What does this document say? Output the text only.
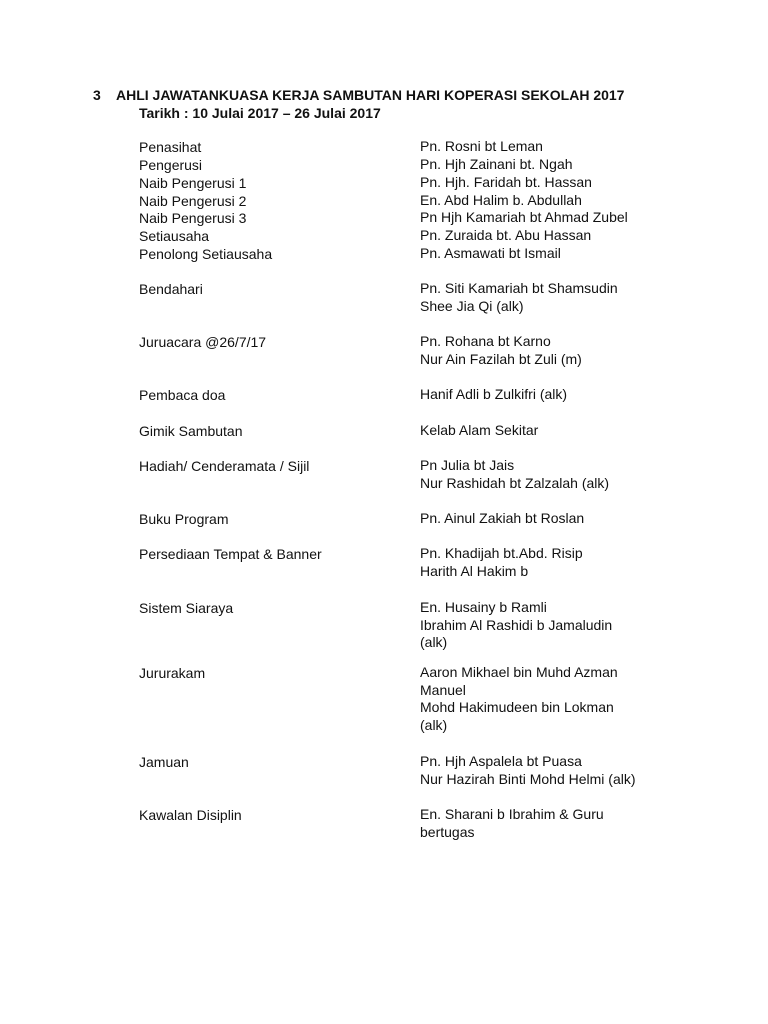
3 AHLI JAWATANKUASA KERJA SAMBUTAN HARI KOPERASI SEKOLAH 2017
Tarikh : 10 Julai 2017 – 26 Julai 2017
Penasihat	Pn. Rosni bt Leman
Pengerusi	Pn. Hjh Zainani bt. Ngah
Naib Pengerusi 1	Pn. Hjh. Faridah bt. Hassan
Naib Pengerusi 2	En. Abd Halim b. Abdullah
Naib Pengerusi 3	Pn Hjh Kamariah bt Ahmad Zubel
Setiausaha	Pn. Zuraida bt. Abu Hassan
Penolong Setiausaha	Pn. Asmawati bt Ismail
Bendahari	Pn. Siti Kamariah bt Shamsudin
Shee Jia Qi (alk)
Juruacara @26/7/17	Pn. Rohana bt Karno
Nur Ain Fazilah bt Zuli (m)
Pembaca doa	Hanif Adli b Zulkifri (alk)
Gimik Sambutan	Kelab Alam Sekitar
Hadiah/ Cenderamata / Sijil	Pn Julia bt Jais
Nur Rashidah bt Zalzalah (alk)
Buku Program	Pn. Ainul Zakiah bt Roslan
Persediaan Tempat & Banner	Pn. Khadijah bt.Abd. Risip
Harith Al Hakim b
Sistem Siaraya	En. Husainy b Ramli
Ibrahim Al Rashidi b Jamaludin
(alk)
Jururakam	Aaron Mikhael bin Muhd Azman
Manuel
Mohd Hakimudeen bin Lokman
(alk)
Jamuan	Pn. Hjh Aspalela bt Puasa
Nur Hazirah Binti Mohd Helmi (alk)
Kawalan Disiplin	En. Sharani b Ibrahim & Guru
bertugas
